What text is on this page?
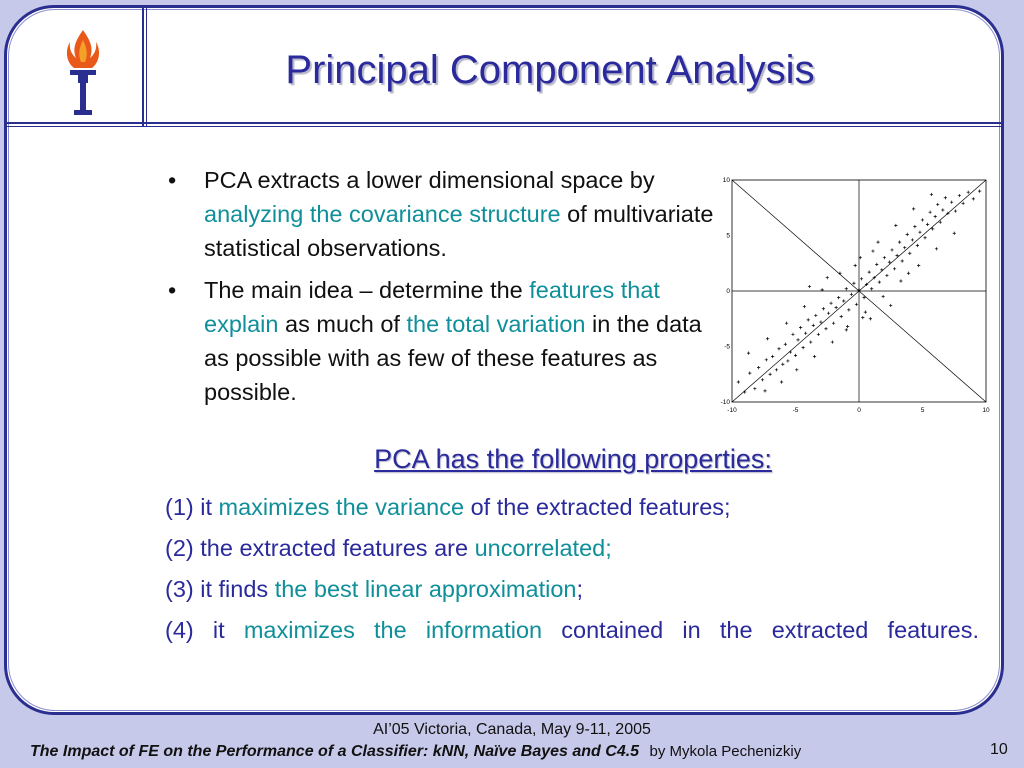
Principal Component Analysis
• PCA extracts a lower dimensional space by analyzing the covariance structure of multivariate statistical observations.
• The main idea – determine the features that explain as much of the total variation in the data as possible with as few of these features as possible.
-10	-5	0	5	10
10
5
0
-5
-10
PCA has the following properties:

(1) it maximizes the variance of the extracted features;

(2) the extracted features are uncorrelated;

(3) it finds the best linear approximation;

(4) it maximizes the information contained in the extracted features.

AI’05 Victoria, Canada, May 9-11, 2005
The Impact of FE on the Performance of a Classifier: kNN, Naïve Bayes and C4.5 by Mykola Pechenizkiy	10
